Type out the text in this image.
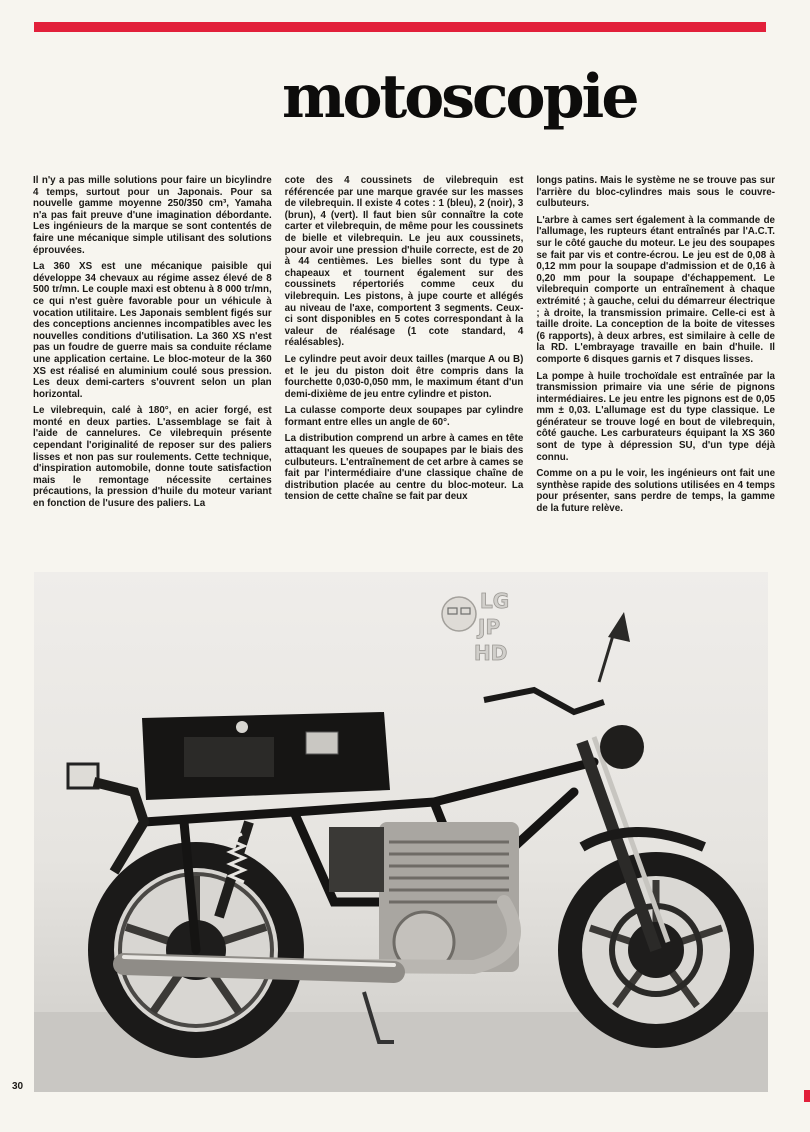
motoscopie

Il n'y a pas mille solutions pour faire un bicylindre 4 temps, surtout pour un Japonais. Pour sa nouvelle gamme moyenne 250/350 cm³, Yamaha n'a pas fait preuve d'une imagination débordante. Les ingénieurs de la marque se sont contentés de faire une mécanique simple utilisant des solutions éprouvées.

La 360 XS est une mécanique paisible qui développe 34 chevaux au régime assez élevé de 8 500 tr/mn. Le couple maxi est obtenu à 8 000 tr/mn, ce qui n'est guère favorable pour un véhicule à vocation utilitaire. Les Japonais semblent figés sur des conceptions anciennes incompatibles avec les nouvelles conditions d'utilisation. La 360 XS n'est pas un foudre de guerre mais sa conduite réclame une application certaine. Le bloc-moteur de la 360 XS est réalisé en aluminium coulé sous pression. Les deux demi-carters s'ouvrent selon un plan horizontal.

Le vilebrequin, calé à 180°, en acier forgé, est monté en deux parties. L'assemblage se fait à l'aide de cannelures. Ce vilebrequin présente cependant l'originalité de reposer sur des paliers lisses et non pas sur roulements. Cette technique, d'inspiration automobile, donne toute satisfaction mais le remontage nécessite certaines précautions, la pression d'huile du moteur variant en fonction de l'usure des paliers. La

cote des 4 coussinets de vilebrequin est référencée par une marque gravée sur les masses de vilebrequin. Il existe 4 cotes : 1 (bleu), 2 (noir), 3 (brun), 4 (vert). Il faut bien sûr connaître la cote carter et vilebrequin, de même pour les coussinets de bielle et vilebrequin. Le jeu aux coussinets, pour avoir une pression d'huile correcte, est de 20 à 44 centièmes. Les bielles sont du type à chapeaux et tournent également sur des coussinets répertoriés comme ceux du vilebrequin. Les pistons, à jupe courte et allégés au niveau de l'axe, comportent 3 segments. Ceux-ci sont disponibles en 5 cotes correspondant à la valeur de réalésage (1 cote standard, 4 réalésables).

Le cylindre peut avoir deux tailles (marque A ou B) et le jeu du piston doit être compris dans la fourchette 0,030-0,050 mm, le maximum étant d'un demi-dixième de jeu entre cylindre et piston.

La culasse comporte deux soupapes par cylindre formant entre elles un angle de 60°.

La distribution comprend un arbre à cames en tête attaquant les queues de soupapes par le biais des culbuteurs. L'entraînement de cet arbre à cames se fait par l'intermédiaire d'une classique chaîne de distribution placée au centre du bloc-moteur. La tension de cette chaîne se fait par deux

longs patins. Mais le système ne se trouve pas sur l'arrière du bloc-cylindres mais sous le couvre-culbuteurs.

L'arbre à cames sert également à la commande de l'allumage, les rupteurs étant entraînés par l'A.C.T. sur le côté gauche du moteur. Le jeu des soupapes se fait par vis et contre-écrou. Le jeu est de 0,08 à 0,12 mm pour la soupape d'admission et de 0,16 à 0,20 mm pour la soupape d'échappement. Le vilebrequin comporte un entraînement à chaque extrémité ; à gauche, celui du démarreur électrique ; à droite, la transmission primaire. Celle-ci est à taille droite. La conception de la boite de vitesses (6 rapports), à deux arbres, est similaire à celle de la RD. L'embrayage travaille en bain d'huile. Il comporte 6 disques garnis et 7 disques lisses.

La pompe à huile trochoïdale est entraînée par la transmission primaire via une série de pignons intermédiaires. Le jeu entre les pignons est de 0,05 mm ± 0,03. L'allumage est du type classique. Le générateur se trouve logé en bout de vilebrequin, côté gauche. Les carburateurs équipant la XS 360 sont de type à dépression SU, d'un type déjà connu.

Comme on a pu le voir, les ingénieurs ont fait une synthèse rapide des solutions utilisées en 4 temps pour présenter, sans perdre de temps, la gamme de la future relève.

LG
JP
HD
30
